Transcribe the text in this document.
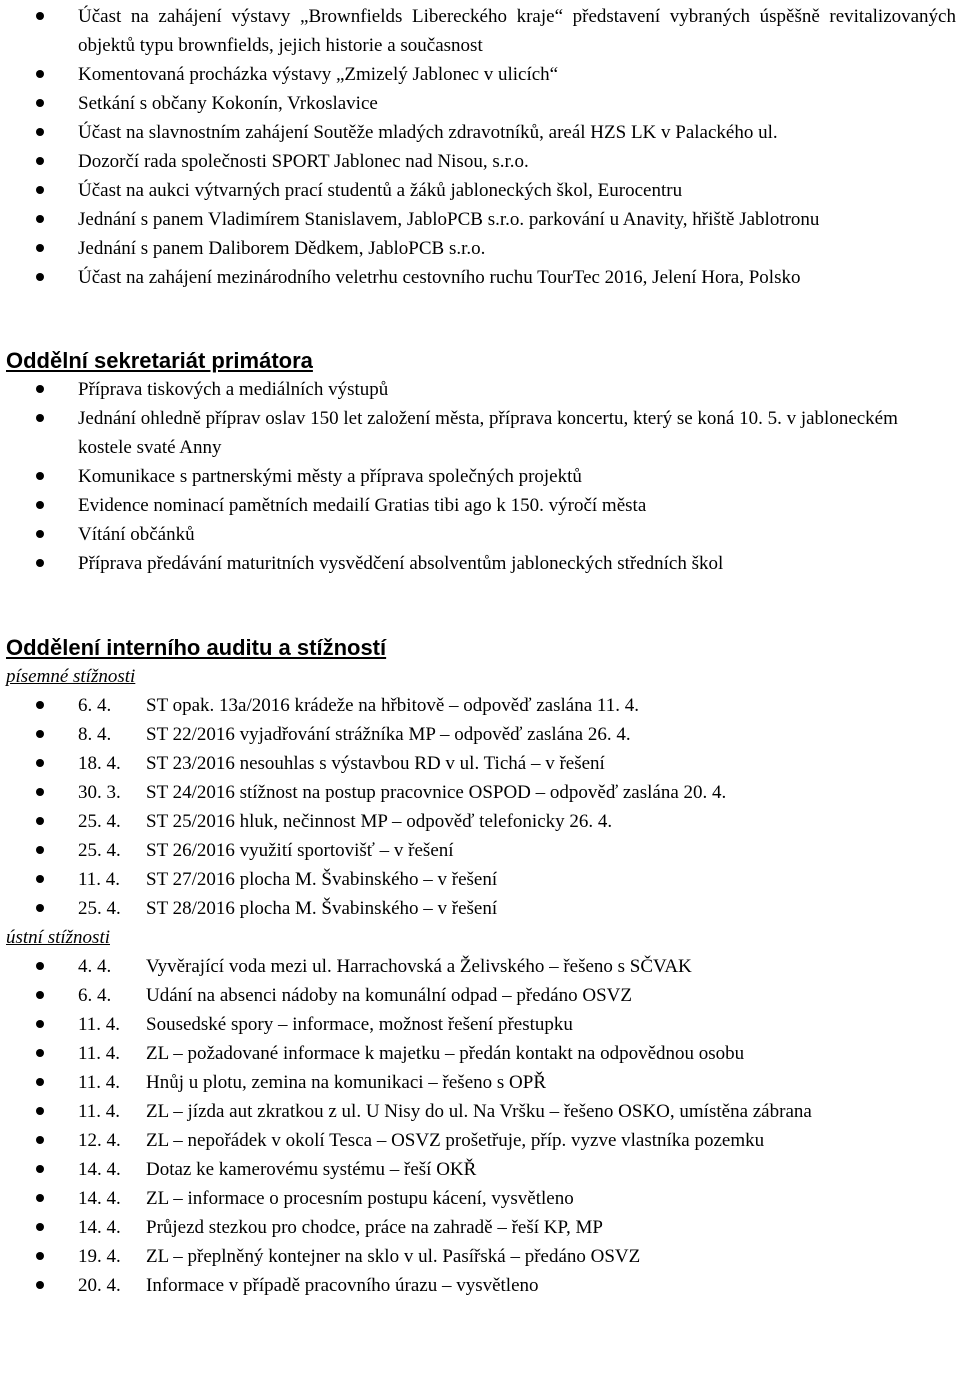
Účast na zahájení výstavy „Brownfields Libereckého kraje“ představení vybraných úspěšně revitalizovaných objektů typu brownfields, jejich historie a současnost
Komentovaná procházka výstavy „Zmizelý Jablonec v ulicích“
Setkání s občany Kokonín, Vrkoslavice
Účast na slavnostním zahájení Soutěže mladých zdravotníků, areál HZS LK v Palackého ul.
Dozorčí rada společnosti SPORT Jablonec nad Nisou, s.r.o.
Účast na aukci výtvarných prací studentů a žáků jabloneckých škol, Eurocentru
Jednání s panem Vladimírem Stanislavem, JabloPCB s.r.o. parkování u Anavity, hřiště Jablotronu
Jednání s panem Daliborem Dědkem, JabloPCB s.r.o.
Účast na zahájení mezinárodního veletrhu cestovního ruchu TourTec 2016, Jelení Hora, Polsko
Oddělní sekretariát primátora
Příprava tiskových a mediálních výstupů
Jednání ohledně příprav oslav 150 let založení města, příprava koncertu, který se koná 10. 5. v jabloneckém kostele svaté Anny
Komunikace s partnerskými městy a příprava společných projektů
Evidence nominací pamětních medailí Gratias tibi ago k 150. výročí města
Vítání občánků
Příprava předávání maturitních vysvědčení absolventům jabloneckých středních škol
Oddělení interního auditu a stížností
písemné stížnosti
6. 4.	ST opak. 13a/2016 krádeže na hřbitově – odpověď zaslána 11. 4.
8. 4.	ST 22/2016 vyjadřování strážníka MP – odpověď zaslána 26. 4.
18. 4.	ST 23/2016 nesouhlas s výstavbou RD v ul. Tichá – v řešení
30. 3.	ST 24/2016 stížnost na postup pracovnice OSPOD – odpověď zaslána 20. 4.
25. 4.	ST 25/2016 hluk, nečinnost MP – odpověď telefonicky 26. 4.
25. 4.	ST 26/2016 využití sportovišť – v řešení
11. 4.	ST 27/2016 plocha M. Švabinského – v řešení
25. 4.	ST 28/2016 plocha M. Švabinského – v řešení
ústní stížnosti
4. 4.	Vyvěrající voda mezi ul. Harrachovská a Želivského – řešeno s SČVAK
6. 4.	Udání na absenci nádoby na komunální odpad – předáno OSVZ
11. 4.	Sousedské spory – informace, možnost řešení přestupku
11. 4.	ZL – požadované informace k majetku – předán kontakt na odpovědnou osobu
11. 4.	Hnůj u plotu, zemina na komunikaci – řešeno s OPŘ
11. 4.	ZL – jízda aut zkratkou z ul. U Nisy do ul. Na Vršku – řešeno OSKO, umístěna zábrana
12. 4.	ZL – nepořádek v okolí Tesca – OSVZ prošetřuje, příp. vyzve vlastníka pozemku
14. 4.	Dotaz ke kamerovému systému – řeší OKŘ
14. 4.	ZL – informace o procesním postupu kácení, vysvětleno
14. 4.	Průjezd stezkou pro chodce, práce na zahradě – řeší KP, MP
19. 4.	ZL – přeplněný kontejner na sklo v ul. Pasířská – předáno OSVZ
20. 4.	Informace v případě pracovního úrazu – vysvětleno
